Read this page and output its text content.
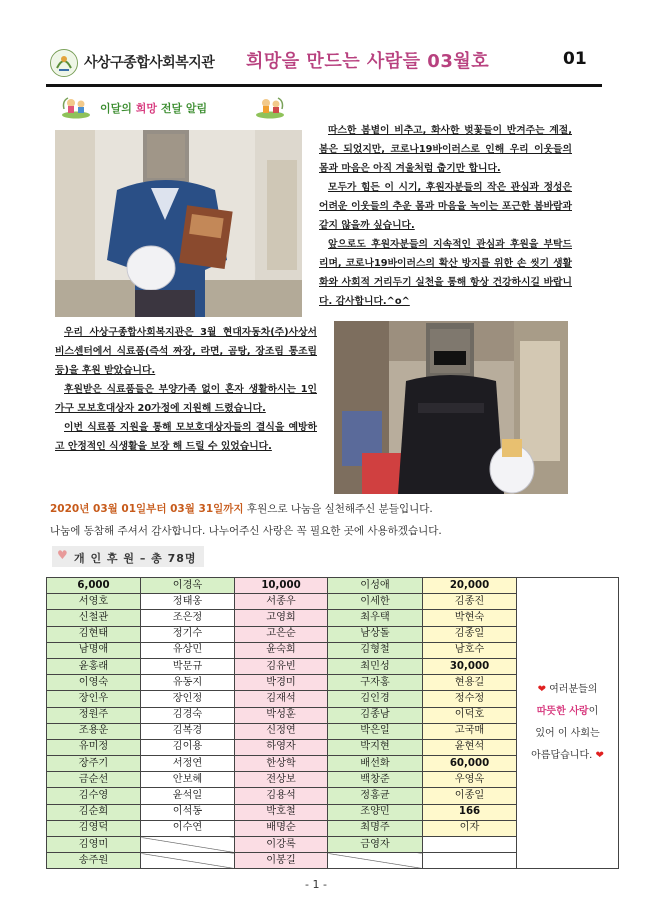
사상구종합사회복지관 희망을 만드는 사람들 03월호	01
이달의 희망 전달 알림

따스한 봄볕이 비추고, 화사한 벚꽃들이 반겨주는 계절, 봄은 되었지만, 코로나19바이러스로 인해 우리 이웃들의 몸과 마음은 아직 겨울처럼 춥기만 합니다.

모두가 힘든 이 시기, 후원자분들의 작은 관심과 정성은 어려운 이웃들의 추운 몸과 마음을 녹이는 포근한 봄바람과 같지 않을까 싶습니다.

앞으로도 후원자분들의 지속적인 관심과 후원을 부탁드리며, 코로나19바이러스의 확산 방지를 위한 손 씻기 생활화와 사회적 거리두기 실천을 통해 항상 건강하시길 바랍니다. 감사합니다.^o^

우리 사상구종합사회복지관은 3월 현대자동차(주)사상서비스센터에서 식료품(즉석 짜장, 라면, 곰탕, 장조림 통조림 등)을 후원 받았습니다.

후원받은 식료품들은 부양가족 없이 혼자 생활하시는 1인 가구 모보호대상자 20가정에 지원해 드렸습니다.

이번 식료품 지원을 통해 모보호대상자들의 결식을 예방하고 안정적인 식생활을 보장 해 드릴 수 있었습니다.

2020년 03월 01일부터 03월 31일까지 후원으로 나눔을 실천해주신 분들입니다.
나눔에 동참해 주셔서 감사합니다. 나누어주신 사랑은 꼭 필요한 곳에 사용하겠습니다.
♥ 개 인 후 원 – 총 78명
6,000	이경옥	10,000	이성애	20,000	❤ 여러분들의
따뜻한 사랑이
있어 이 사회는
아름답습니다. ❤

서영호	정태옹	서종우	이세한	김종진	
신철관	조은정	고영희	최우택	박현숙	
김현태	정기수	고은순	남상돌	김종일	
남명애	유상민	윤숙희	김형철	남호수	
윤홍래	박문규	김유빈	최민성	30,000	
이영숙	유동지	박경미	구자홍	현용길	
장인우	장인정	김재석	김인경	정수정	
정원주	김경숙	박성훈	김종남	이덕호	
조용운	김복경	신정연	박은일	고국매	
유미정	김이용	하영자	박지현	윤현석	
장주기	서정연	한상학	배선화	60,000	
금순선	안보혜	전상보	백창준	우영옥	
김수영	윤석일	김용석	정홍균	이종일	
김순희	이석동	박호철	조양민	166	
김영덕	이수연	배명순	최명주	이자	
김영미		이강록	금영자		
송주원		이봉길			
- 1 -
